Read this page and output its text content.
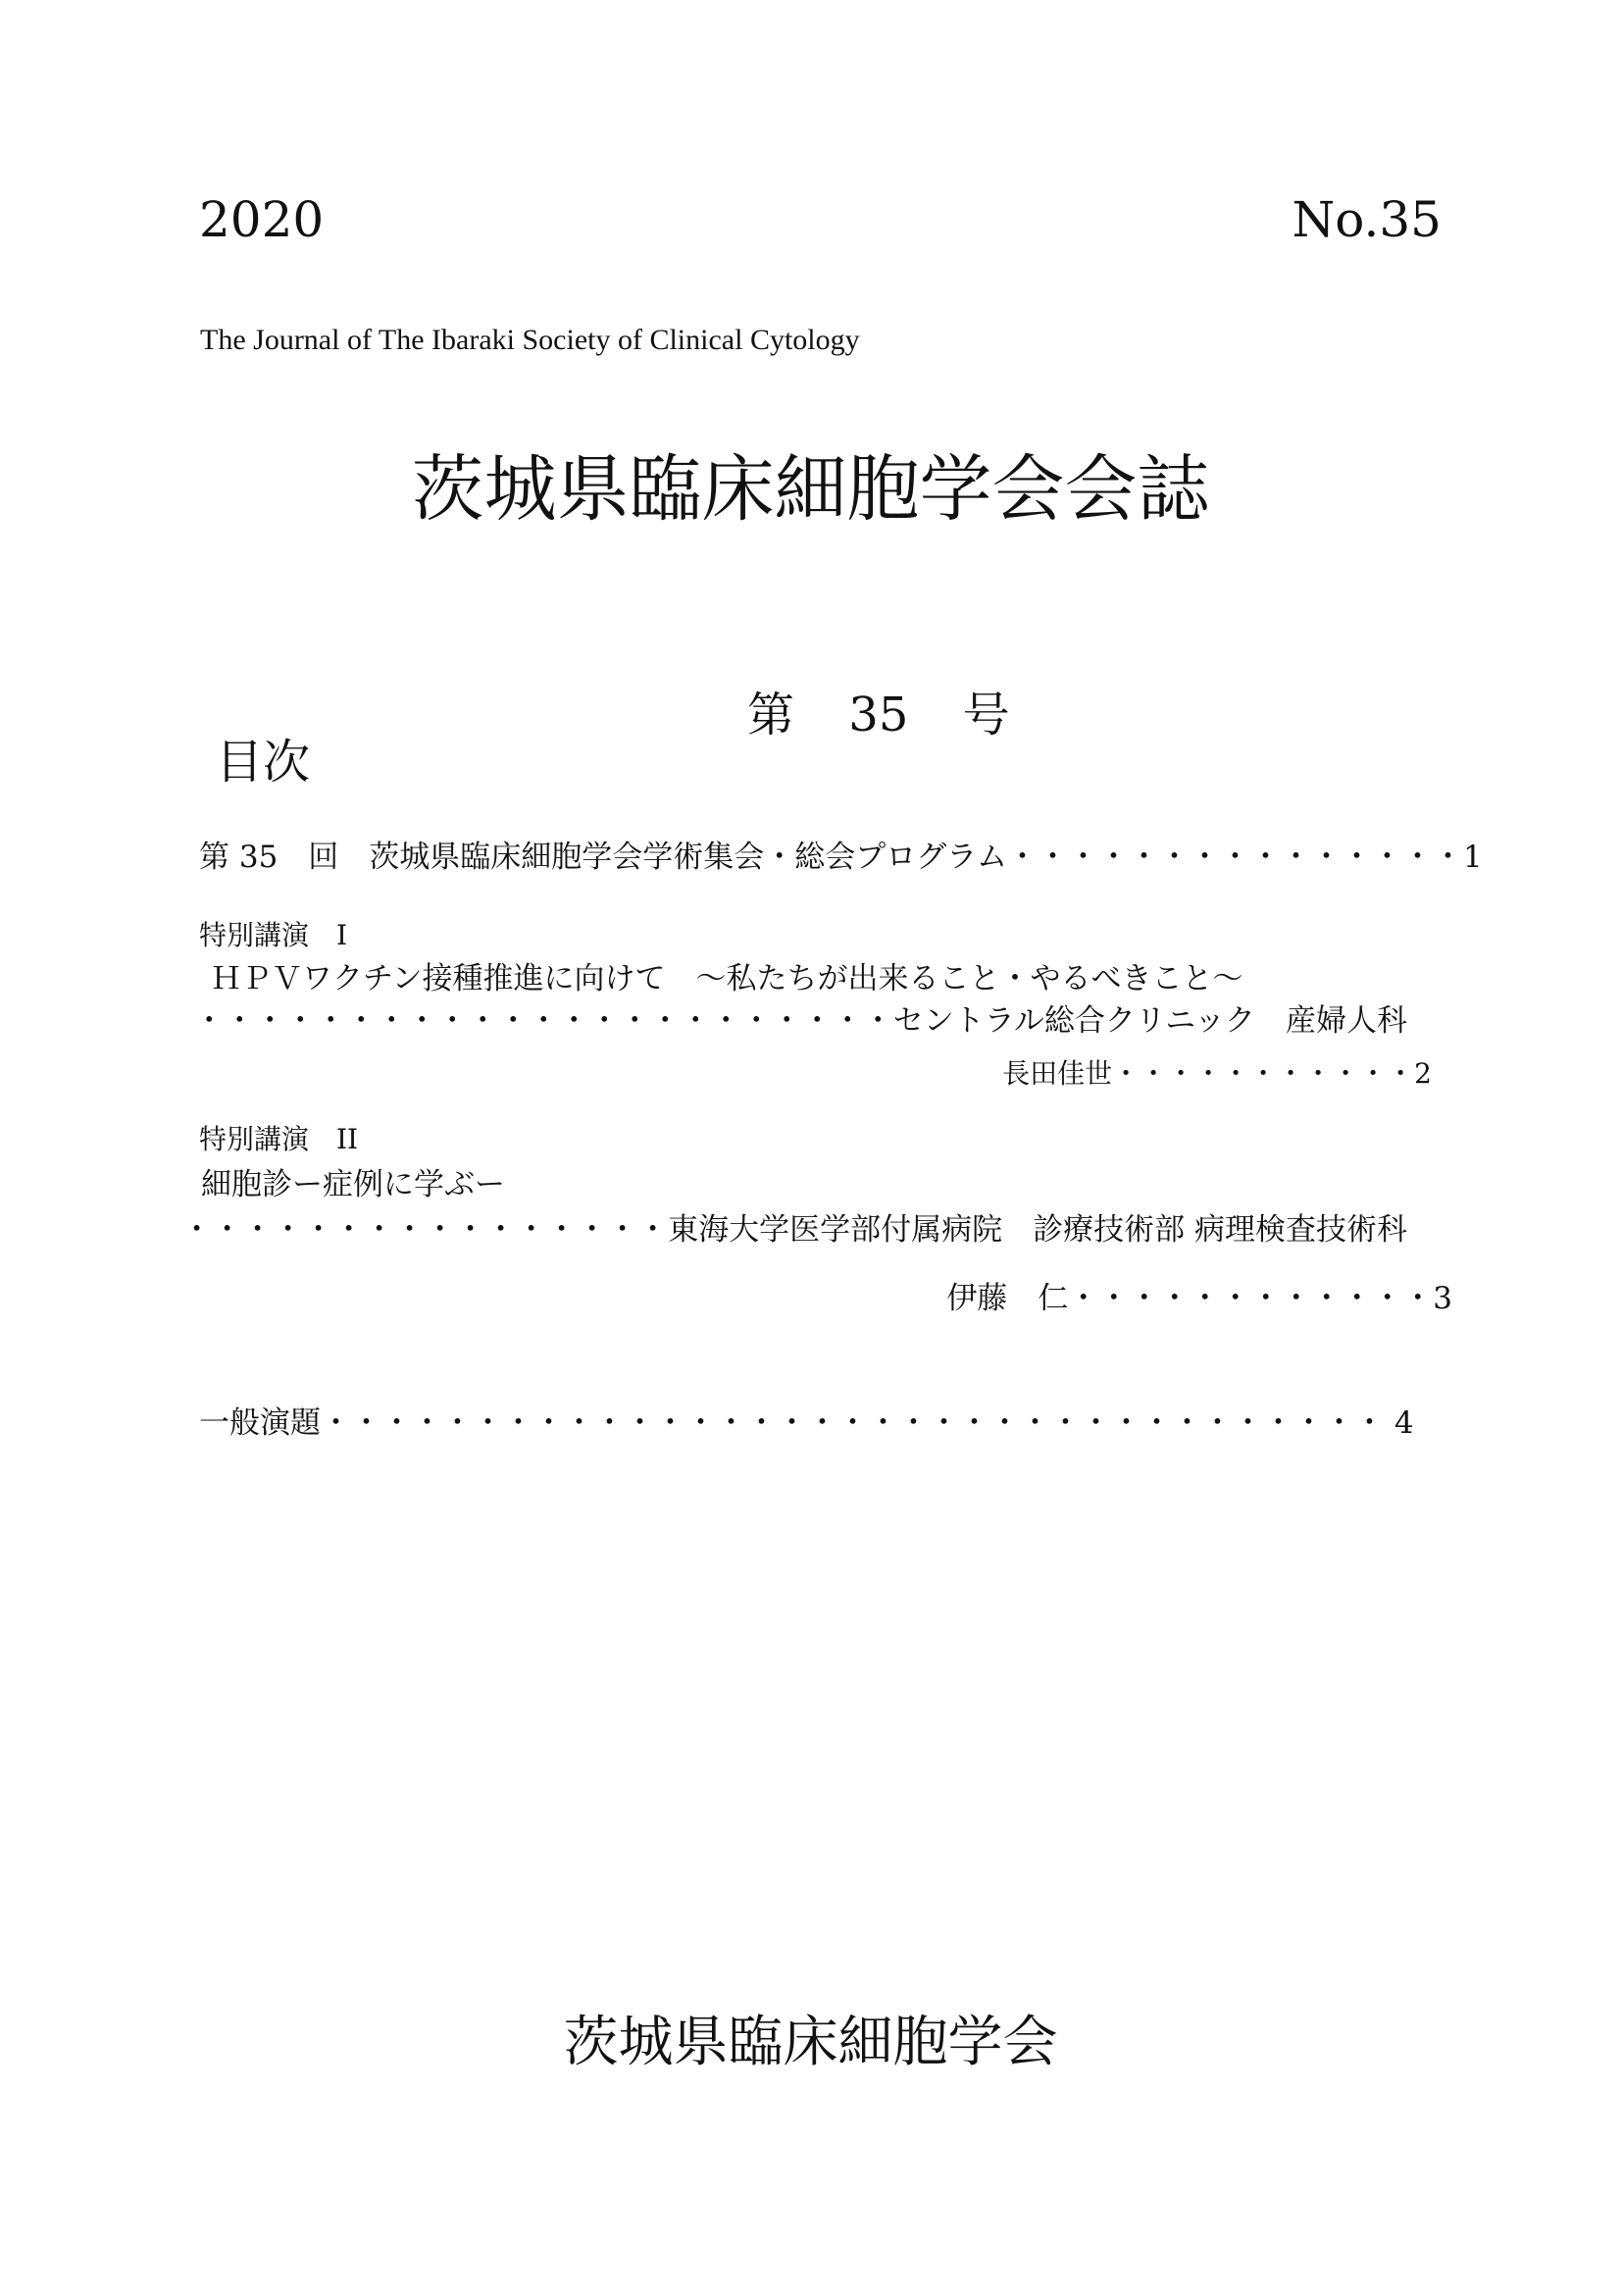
2020	No.35
The Journal of The Ibaraki Society of Clinical Cytology
茨城県臨床細胞学会会誌
第 35 号
目次
第 35　回　茨城県臨床細胞学会学術集会・総会プログラム・・・・・・・・・・・・・・・1
特別講演　I
ＨＰＶワクチン接種推進に向けて　～私たちが出来ること・やるべきこと～
・・・・・・・・・・・・・・・・・・・・・・・セントラル総合クリニック　産婦人科
長田佳世・・・・・・・・・・・2
特別講演　II
細胞診ー症例に学ぶー
・・・・・・・・・・・・・・・・東海大学医学部付属病院　診療技術部 病理検査技術科
伊藤　仁・・・・・・・・・・・・3
一般演題・・・・・・・・・・・・・・・・・・・・・・・・・・・・・・・・・・・ 4
茨城県臨床細胞学会
